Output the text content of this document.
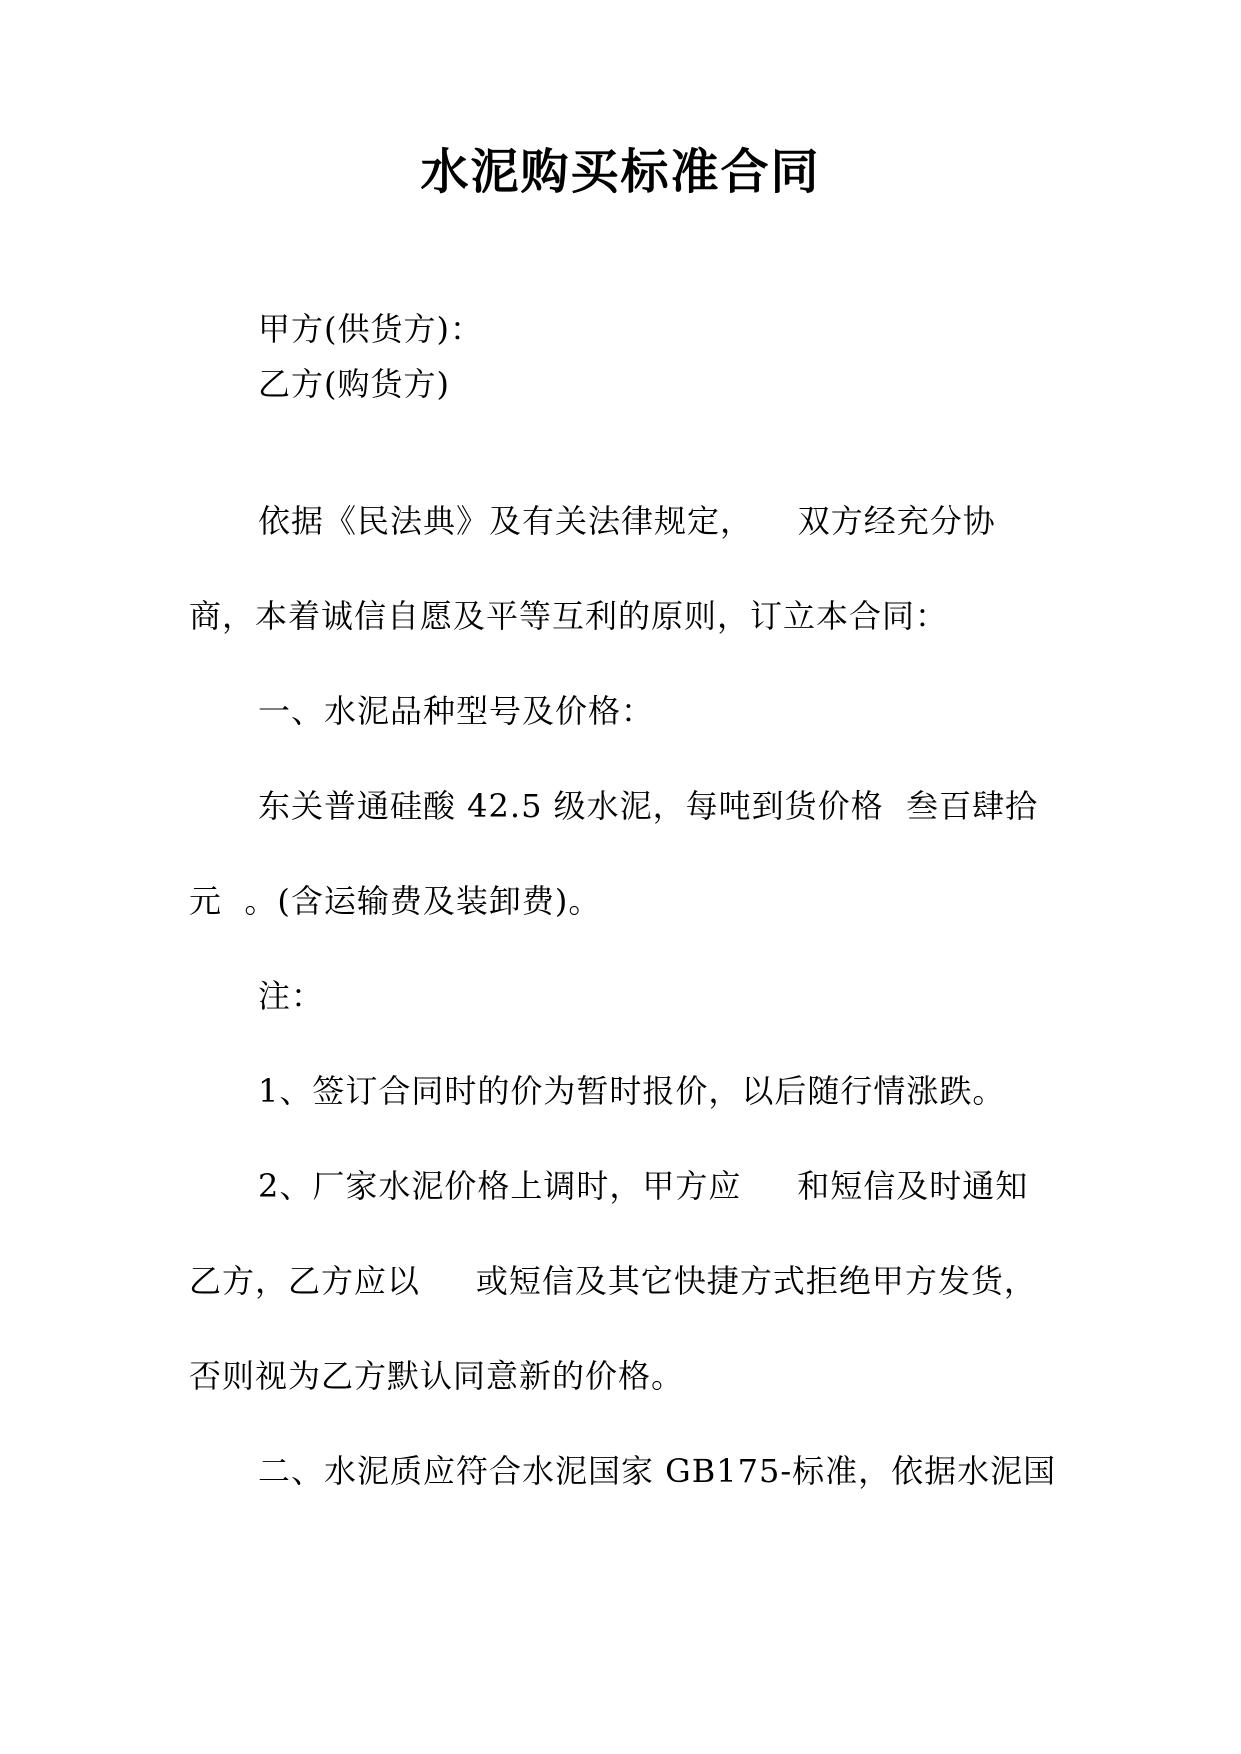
水泥购买标准合同
甲方(供货方)：
乙方(购货方)
依据《民法典》及有关法律规定，    双方经充分协
商，本着诚信自愿及平等互利的原则，订立本合同：
一、水泥品种型号及价格：
东关普通硅酸 42.5 级水泥，每吨到货价格  叁百肆拾
元  。(含运输费及装卸费)。
注：
1、签订合同时的价为暂时报价，以后随行情涨跌。
2、厂家水泥价格上调时，甲方应     和短信及时通知
乙方，乙方应以     或短信及其它快捷方式拒绝甲方发货，
否则视为乙方默认同意新的价格。
二、水泥质应符合水泥国家 GB175-标准，依据水泥国
